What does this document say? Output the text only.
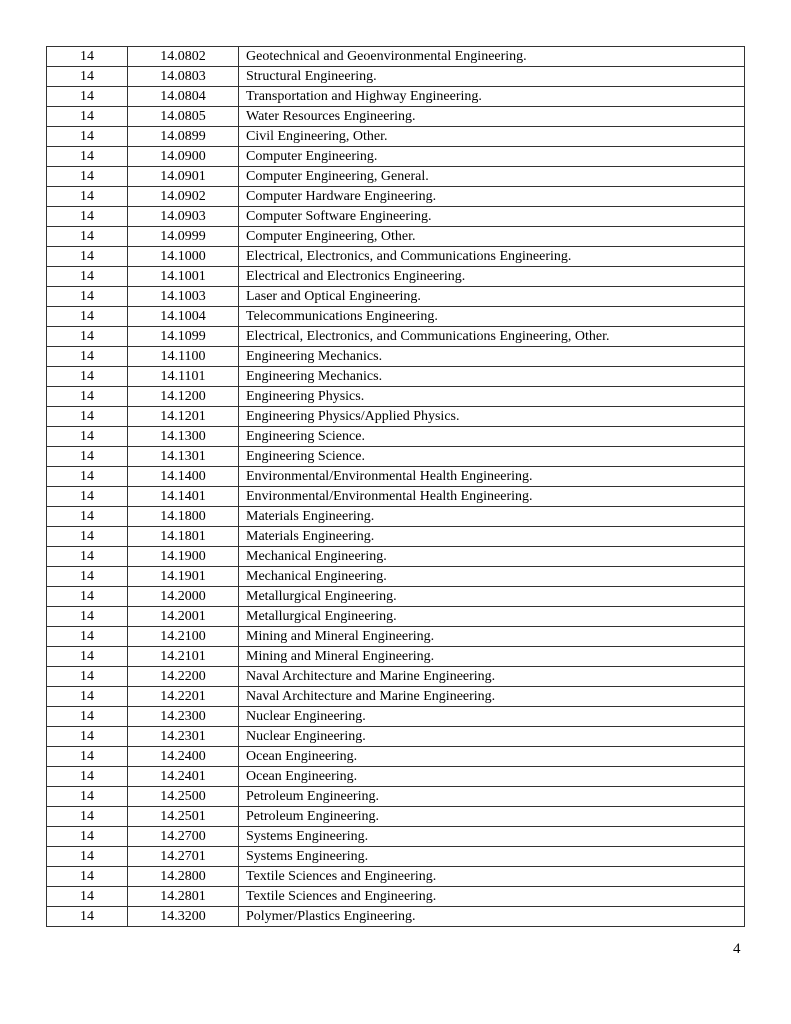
14	14.0802	Geotechnical and Geoenvironmental Engineering.
14	14.0803	Structural Engineering.
14	14.0804	Transportation and Highway Engineering.
14	14.0805	Water Resources Engineering.
14	14.0899	Civil Engineering, Other.
14	14.0900	Computer Engineering.
14	14.0901	Computer Engineering, General.
14	14.0902	Computer Hardware Engineering.
14	14.0903	Computer Software Engineering.
14	14.0999	Computer Engineering, Other.
14	14.1000	Electrical, Electronics, and Communications Engineering.
14	14.1001	Electrical and Electronics Engineering.
14	14.1003	Laser and Optical Engineering.
14	14.1004	Telecommunications Engineering.
14	14.1099	Electrical, Electronics, and Communications Engineering, Other.
14	14.1100	Engineering Mechanics.
14	14.1101	Engineering Mechanics.
14	14.1200	Engineering Physics.
14	14.1201	Engineering Physics/Applied Physics.
14	14.1300	Engineering Science.
14	14.1301	Engineering Science.
14	14.1400	Environmental/Environmental Health Engineering.
14	14.1401	Environmental/Environmental Health Engineering.
14	14.1800	Materials Engineering.
14	14.1801	Materials Engineering.
14	14.1900	Mechanical Engineering.
14	14.1901	Mechanical Engineering.
14	14.2000	Metallurgical Engineering.
14	14.2001	Metallurgical Engineering.
14	14.2100	Mining and Mineral Engineering.
14	14.2101	Mining and Mineral Engineering.
14	14.2200	Naval Architecture and Marine Engineering.
14	14.2201	Naval Architecture and Marine Engineering.
14	14.2300	Nuclear Engineering.
14	14.2301	Nuclear Engineering.
14	14.2400	Ocean Engineering.
14	14.2401	Ocean Engineering.
14	14.2500	Petroleum Engineering.
14	14.2501	Petroleum Engineering.
14	14.2700	Systems Engineering.
14	14.2701	Systems Engineering.
14	14.2800	Textile Sciences and Engineering.
14	14.2801	Textile Sciences and Engineering.
14	14.3200	Polymer/Plastics Engineering.
4
